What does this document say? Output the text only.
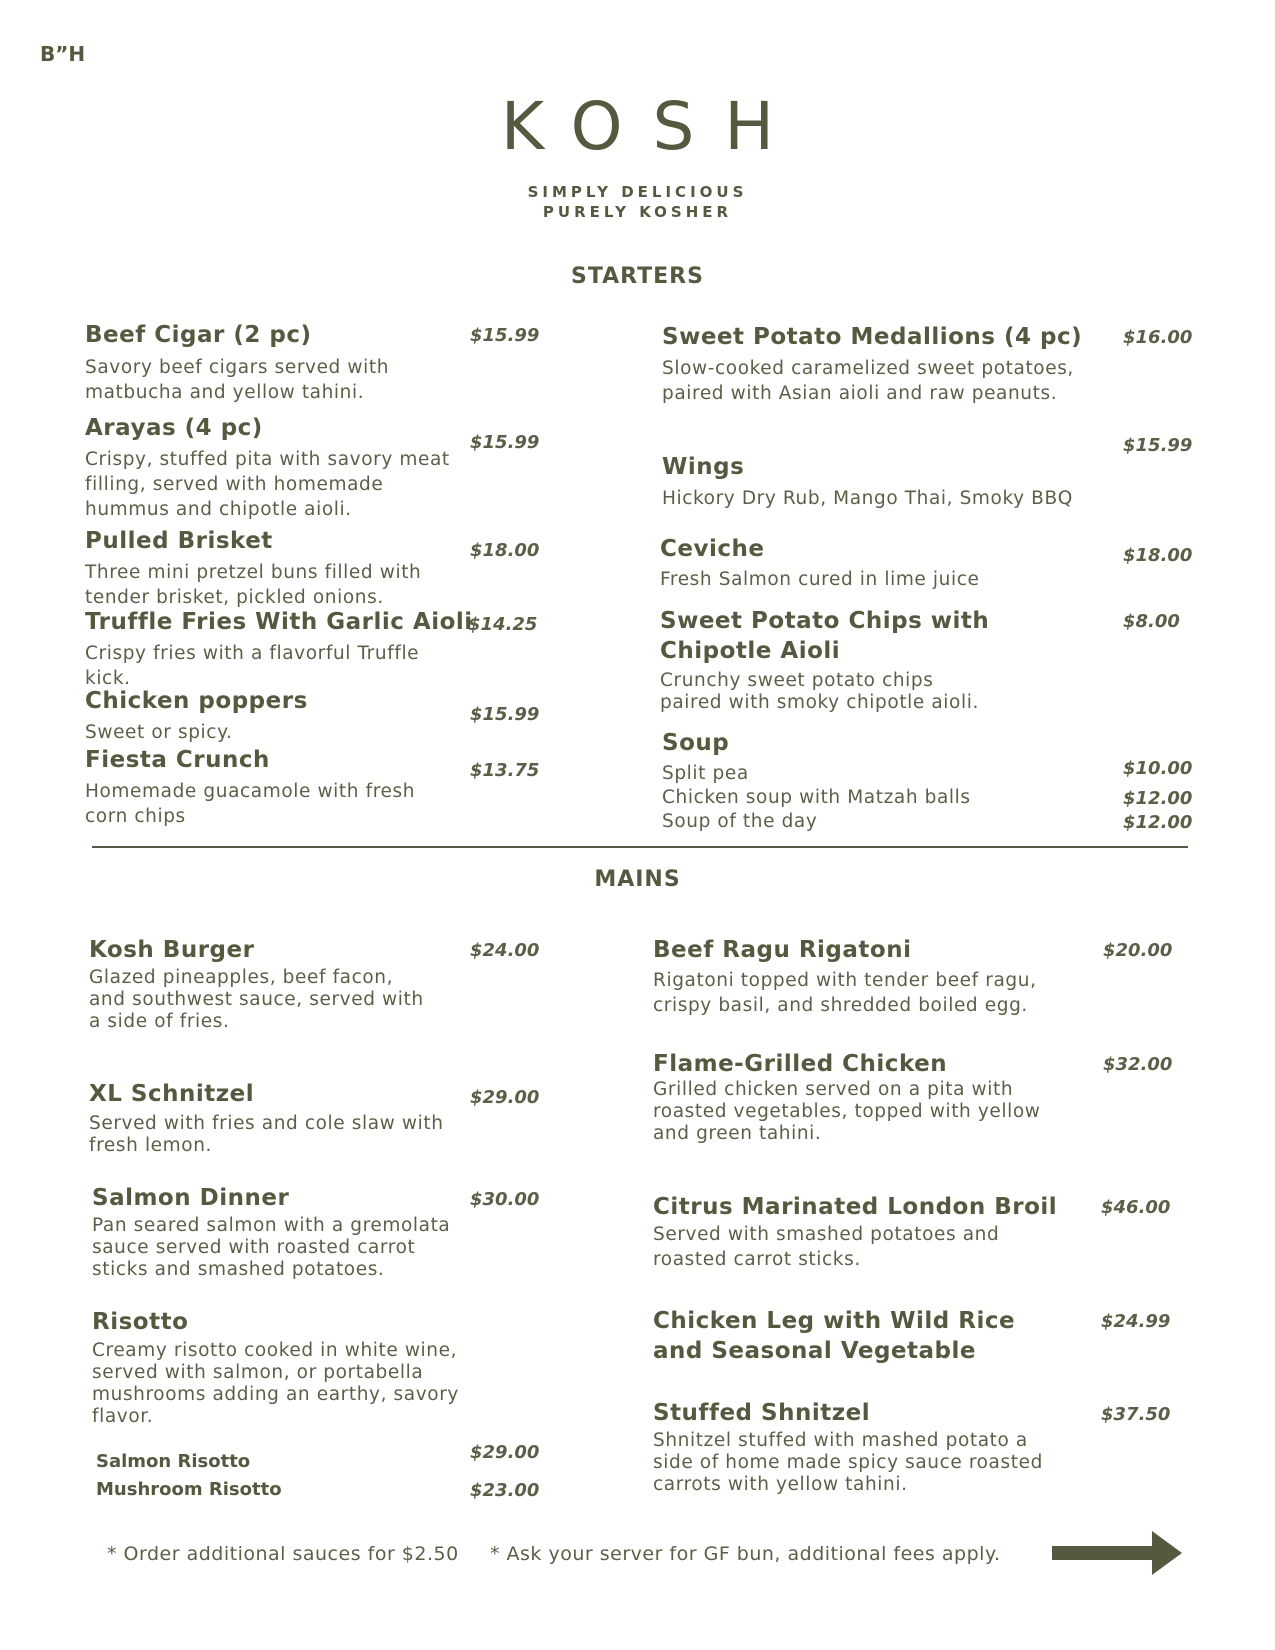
B”H
KOSH
SIMPLY DELICIOUS
PURELY KOSHER
STARTERS
Beef Cigar (2 pc)	$15.99
Savory beef cigars served with matbucha and yellow tahini.
Arayas (4 pc)
$15.99
Crispy, stuffed pita with savory meat filling, served with homemade hummus and chipotle aioli.
Pulled Brisket	$18.00
Three mini pretzel buns filled with tender brisket, pickled onions.
Truffle Fries With Garlic Aioli
$14.25
Crispy fries with a flavorful Truffle kick.
Chicken poppers
$15.99
Sweet or spicy.
Fiesta Crunch	$13.75
Homemade guacamole with fresh corn chips
Sweet Potato Medallions (4 pc) $16.00
Slow-cooked caramelized sweet potatoes, paired with Asian aioli and raw peanuts.
Wings
$15.99
Hickory Dry Rub, Mango Thai, Smoky BBQ
Ceviche	$18.00
Fresh Salmon cured in lime juice
Sweet Potato Chips with Chipotle Aioli
$8.00
Crunchy sweet potato chips paired with smoky chipotle aioli.
Soup
Split pea	$10.00
Chicken soup with Matzah balls	$12.00
Soup of the day	$12.00
MAINS
Kosh Burger	$24.00
Glazed pineapples, beef facon, and southwest sauce, served with a side of fries.
XL Schnitzel	$29.00
Served with fries and cole slaw with fresh lemon.
Salmon Dinner	$30.00
Pan seared salmon with a gremolata sauce served with roasted carrot sticks and smashed potatoes.
Risotto
Creamy risotto cooked in white wine, served with salmon, or portabella mushrooms adding an earthy, savory flavor.
Salmon Risotto	$29.00
Mushroom Risotto	$23.00
Beef Ragu Rigatoni	$20.00
Rigatoni topped with tender beef ragu, crispy basil, and shredded boiled egg.
Flame-Grilled Chicken	$32.00
Grilled chicken served on a pita with roasted vegetables, topped with yellow and green tahini.
Citrus Marinated London Broil $46.00
Served with smashed potatoes and roasted carrot sticks.
Chicken Leg with Wild Rice and Seasonal Vegetable
$24.99
Stuffed Shnitzel	$37.50
Shnitzel stuffed with mashed potato a side of home made spicy sauce roasted carrots with yellow tahini.
* Order additional sauces for $2.50 * Ask your server for GF bun, additional fees apply.
